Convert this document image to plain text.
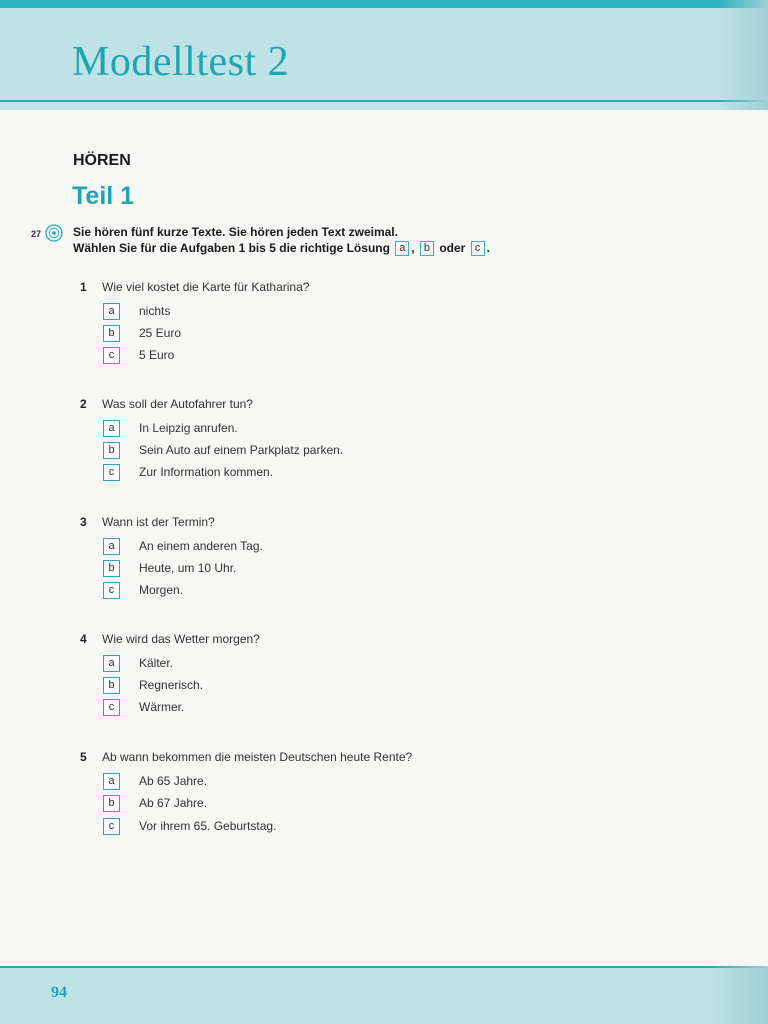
Modelltest 2
HÖREN
Teil 1
27	Sie hören fünf kurze Texte. Sie hören jeden Text zweimal.
Wählen Sie für die Aufgaben 1 bis 5 die richtige Lösung a , b oder c .
1 Wie viel kostet die Karte für Katharina?
a	nichts
b	25 Euro
c	5 Euro
2 Was soll der Autofahrer tun?
a	In Leipzig anrufen.
b	Sein Auto auf einem Parkplatz parken.
c	Zur Information kommen.
3 Wann ist der Termin?
a	An einem anderen Tag.
b	Heute, um 10 Uhr.
c	Morgen.
4 Wie wird das Wetter morgen?
a	Kälter.
b	Regnerisch.
c	Wärmer.
5 Ab wann bekommen die meisten Deutschen heute Rente?
a	Ab 65 Jahre.
b	Ab 67 Jahre.
c	Vor ihrem 65. Geburtstag.
94
